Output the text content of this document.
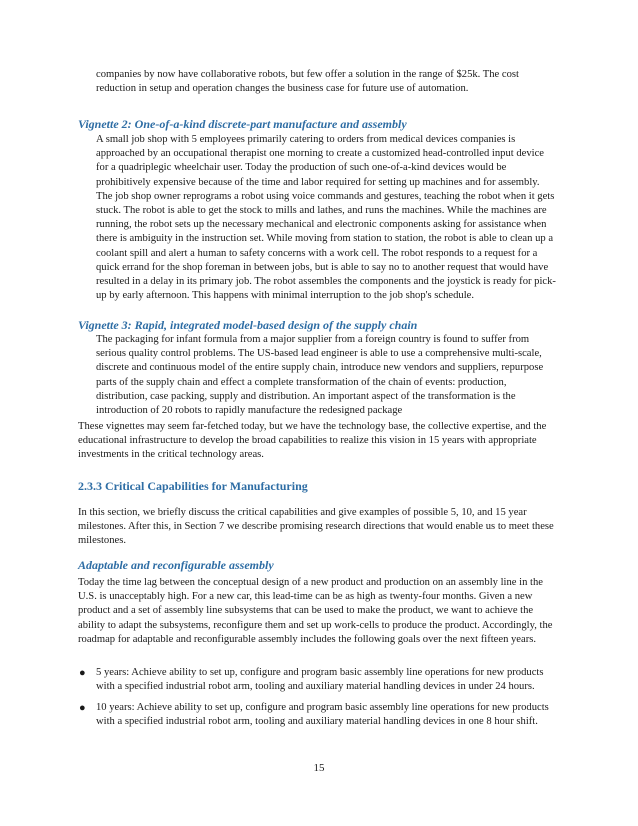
companies by now have collaborative robots, but few offer a solution in the range of $25k. The cost reduction in setup and operation changes the business case for future use of automation.

Vignette 2: One-of-a-kind discrete-part manufacture and assembly

A small job shop with 5 employees primarily catering to orders from medical devices companies is approached by an occupational therapist one morning to create a customized head-controlled input device for a quadriplegic wheelchair user. Today the production of such one-of-a-kind devices would be prohibitively expensive because of the time and labor required for setting up machines and for assembly. The job shop owner reprograms a robot using voice commands and gestures, teaching the robot when it gets stuck. The robot is able to get the stock to mills and lathes, and runs the machines. While the machines are running, the robot sets up the necessary mechanical and electronic components asking for assistance when there is ambiguity in the instruction set. While moving from station to station, the robot is able to clean up a coolant spill and alert a human to safety concerns with a work cell. The robot responds to a request for a quick errand for the shop foreman in between jobs, but is able to say no to another request that would have resulted in a delay in its primary job. The robot assembles the components and the joystick is ready for pick-up by early afternoon. This happens with minimal interruption to the job shop's schedule.

Vignette 3: Rapid, integrated model-based design of the supply chain

The packaging for infant formula from a major supplier from a foreign country is found to suffer from serious quality control problems. The US-based lead engineer is able to use a comprehensive multi-scale, discrete and continuous model of the entire supply chain, introduce new vendors and suppliers, repurpose parts of the supply chain and effect a complete transformation of the chain of events: production, distribution, case packing, supply and distribution. An important aspect of the transformation is the introduction of 20 robots to rapidly manufacture the redesigned package

These vignettes may seem far-fetched today, but we have the technology base, the collective expertise, and the educational infrastructure to develop the broad capabilities to realize this vision in 15 years with appropriate investments in the critical technology areas.

2.3.3 Critical Capabilities for Manufacturing

In this section, we briefly discuss the critical capabilities and give examples of possible 5, 10, and 15 year milestones. After this, in Section 7 we describe promising research directions that would enable us to meet these milestones.

Adaptable and reconfigurable assembly

Today the time lag between the conceptual design of a new product and production on an assembly line in the U.S. is unacceptably high. For a new car, this lead-time can be as high as twenty-four months. Given a new product and a set of assembly line subsystems that can be used to make the product, we want to achieve the ability to adapt the subsystems, reconfigure them and set up work-cells to produce the product. Accordingly, the roadmap for adaptable and reconfigurable assembly includes the following goals over the next fifteen years.

● 5 years: Achieve ability to set up, configure and program basic assembly line operations for new products with a specified industrial robot arm, tooling and auxiliary material handling devices in under 24 hours.

● 10 years: Achieve ability to set up, configure and program basic assembly line operations for new products with a specified industrial robot arm, tooling and auxiliary material handling devices in one 8 hour shift.

15
